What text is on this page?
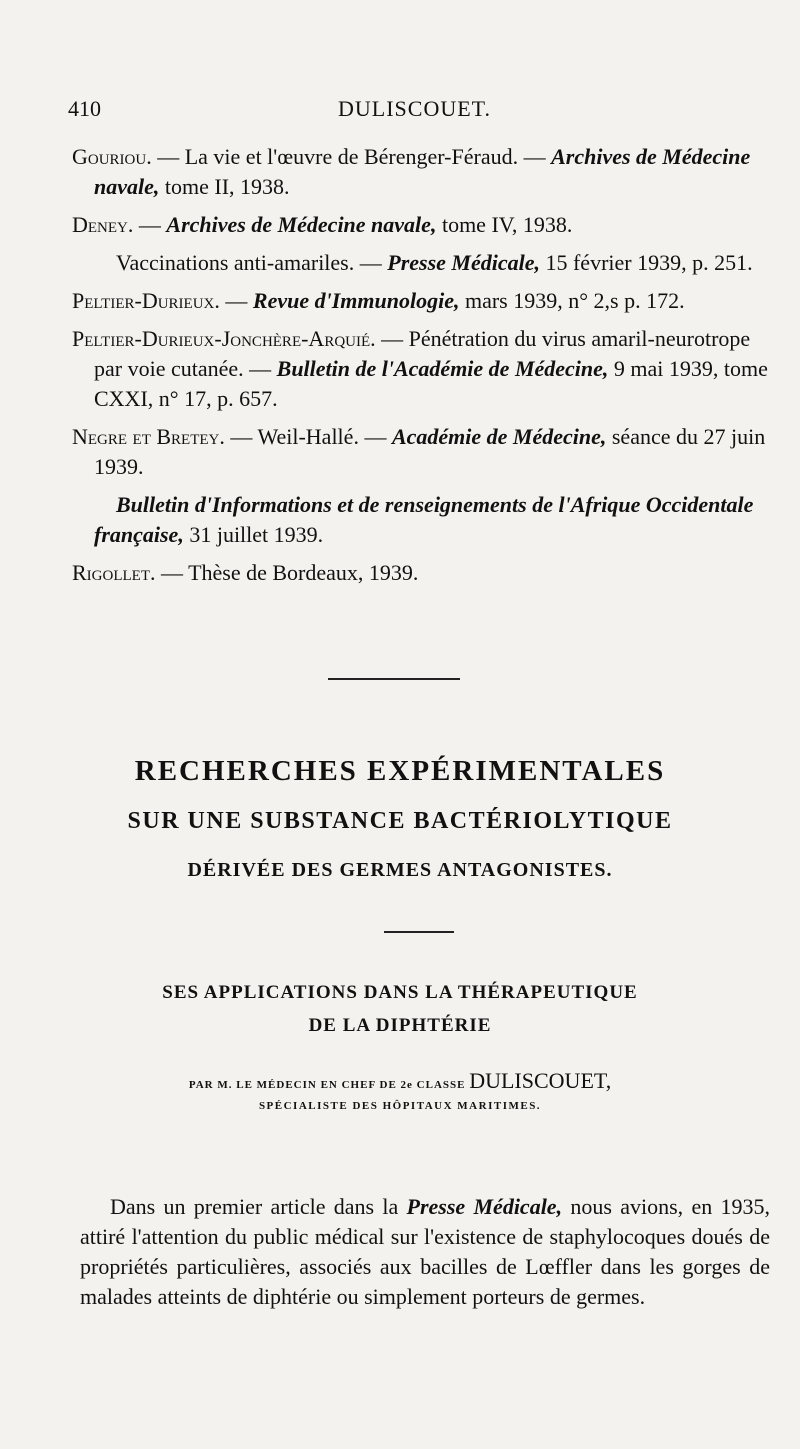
410	DULISCOUET.

Gouriou. — La vie et l'œuvre de Bérenger-Féraud. — Archives de Médecine navale, tome II, 1938.

Deney. — Archives de Médecine navale, tome IV, 1938.

Vaccinations anti-amariles. — Presse Médicale, 15 février 1939, p. 251.

Peltier-Durieux. — Revue d'Immunologie, mars 1939, n° 2,s p. 172.

Peltier-Durieux-Jonchère-Arquié. — Pénétration du virus amaril-neurotrope par voie cutanée. — Bulletin de l'Académie de Médecine, 9 mai 1939, tome CXXI, n° 17, p. 657.

Negre et Bretey. — Weil-Hallé. — Académie de Médecine, séance du 27 juin 1939.

Bulletin d'Informations et de renseignements de l'Afrique Occidentale française, 31 juillet 1939.

Rigollet. — Thèse de Bordeaux, 1939.

RECHERCHES EXPÉRIMENTALES
SUR UNE SUBSTANCE BACTÉRIOLYTIQUE
DÉRIVÉE DES GERMES ANTAGONISTES.
SES APPLICATIONS DANS LA THÉRAPEUTIQUE
DE LA DIPHTÉRIE
PAR M. LE MÉDECIN EN CHEF DE 2e CLASSE DULISCOUET,
SPÉCIALISTE DES HÔPITAUX MARITIMES.

Dans un premier article dans la Presse Médicale, nous avions, en 1935, attiré l'attention du public médical sur l'existence de staphylocoques doués de propriétés particulières, associés aux bacilles de Lœffler dans les gorges de malades atteints de diphtérie ou simplement porteurs de germes.
